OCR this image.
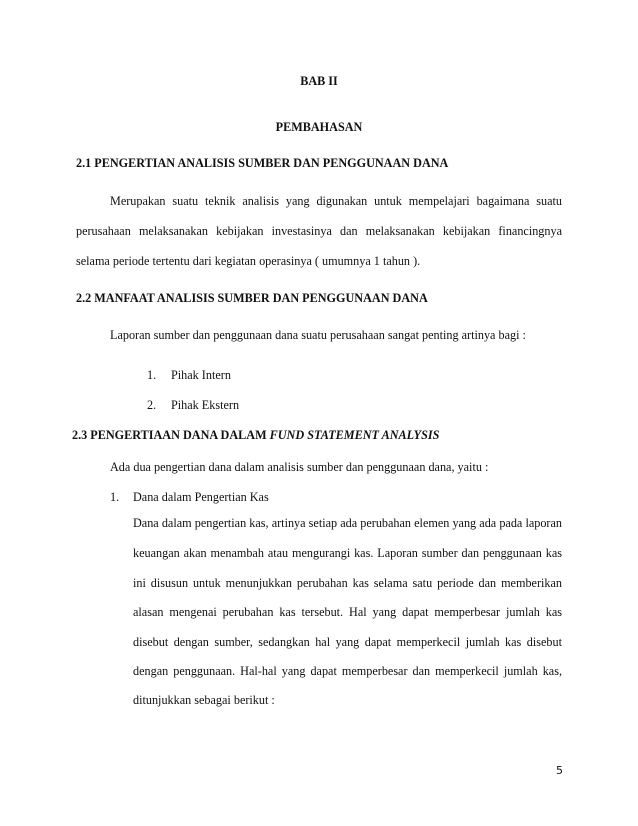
BAB II
PEMBAHASAN
2.1 PENGERTIAN ANALISIS SUMBER DAN PENGGUNAAN DANA
Merupakan suatu teknik analisis yang digunakan untuk mempelajari bagaimana suatu
perusahaan melaksanakan kebijakan investasinya dan melaksanakan kebijakan financingnya
selama periode tertentu dari kegiatan operasinya ( umumnya 1 tahun ).
2.2 MANFAAT ANALISIS SUMBER DAN PENGGUNAAN DANA
Laporan sumber dan penggunaan dana suatu perusahaan sangat penting artinya bagi :
1. Pihak Intern
2. Pihak Ekstern
2.3 PENGERTIAAN DANA DALAM FUND STATEMENT ANALYSIS
Ada dua pengertian dana dalam analisis sumber dan penggunaan dana, yaitu :
1. Dana dalam Pengertian Kas
Dana dalam pengertian kas, artinya setiap ada perubahan elemen yang ada pada laporan
keuangan akan menambah atau mengurangi kas. Laporan sumber dan penggunaan kas
ini disusun untuk menunjukkan perubahan kas selama satu periode dan memberikan
alasan mengenai perubahan kas tersebut. Hal yang dapat memperbesar jumlah kas
disebut dengan sumber, sedangkan hal yang dapat memperkecil jumlah kas disebut
dengan penggunaan. Hal-hal yang dapat memperbesar dan memperkecil jumlah kas,
ditunjukkan sebagai berikut :
5
